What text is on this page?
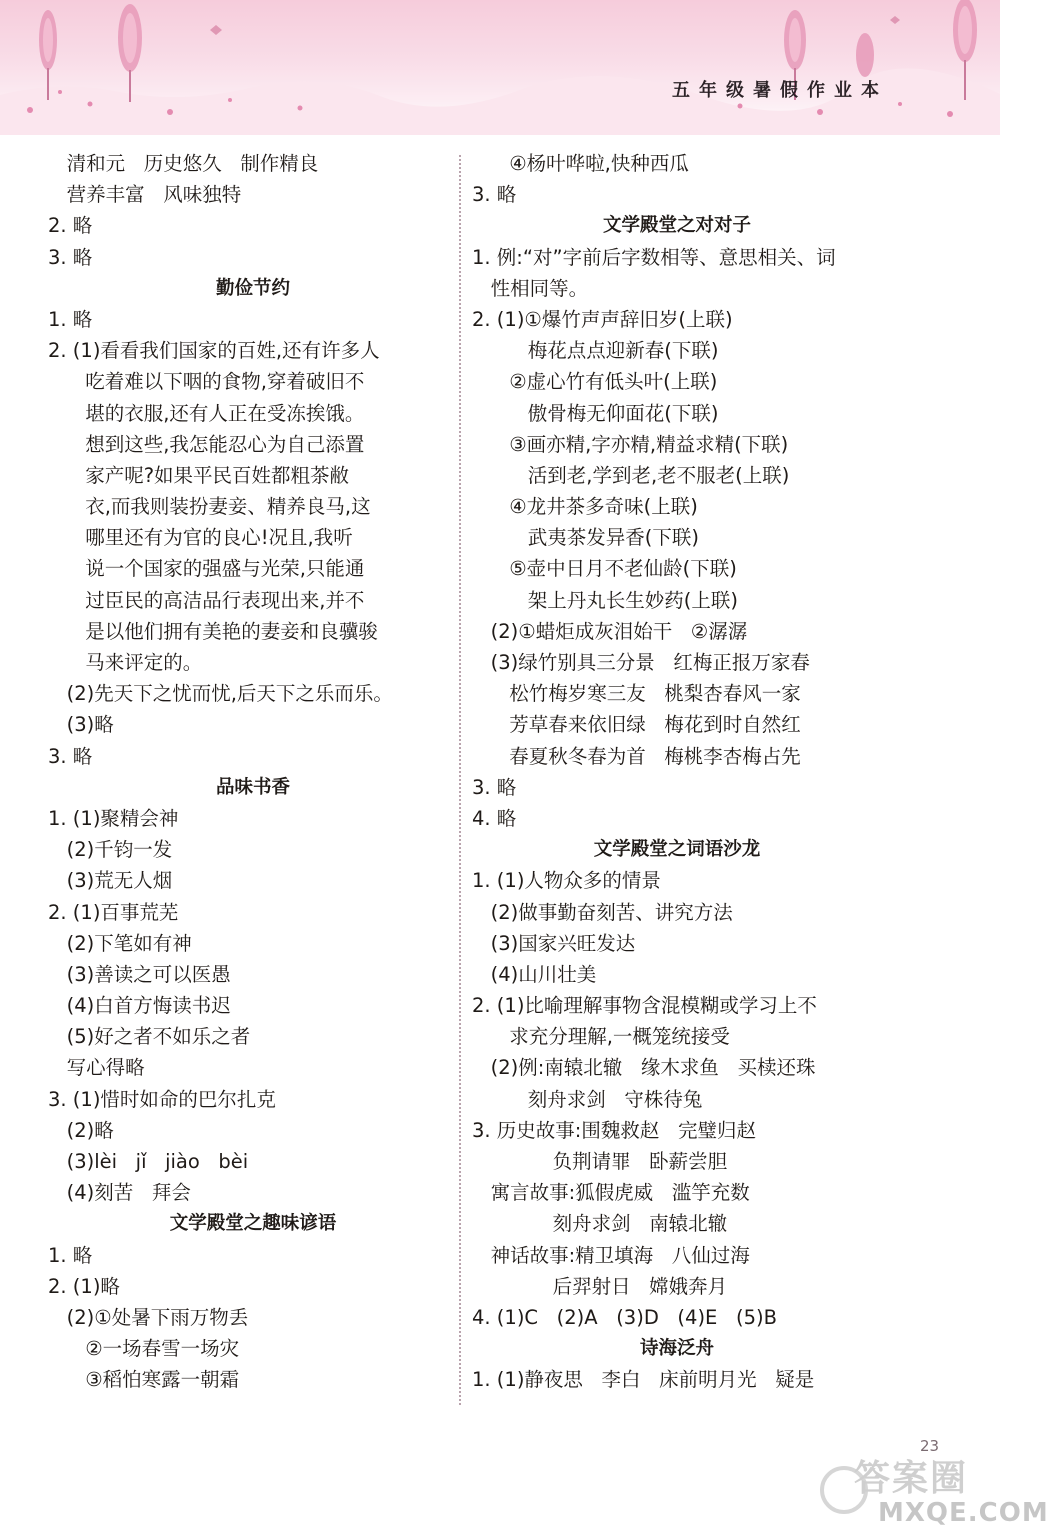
五年级暑假作业本
清和元   历史悠久   制作精良
营养丰富   风味独特
2. 略
3. 略
勤俭节约
1. 略
2. (1)看看我们国家的百姓,还有许多人
吃着难以下咽的食物,穿着破旧不
堪的衣服,还有人正在受冻挨饿。
想到这些,我怎能忍心为自己添置
家产呢?如果平民百姓都粗茶敝
衣,而我则装扮妻妾、精养良马,这
哪里还有为官的良心!况且,我听
说一个国家的强盛与光荣,只能通
过臣民的高洁品行表现出来,并不
是以他们拥有美艳的妻妾和良骥骏
马来评定的。
(2)先天下之忧而忧,后天下之乐而乐。
(3)略
3. 略
品味书香
1. (1)聚精会神
(2)千钧一发
(3)荒无人烟
2. (1)百事荒芜
(2)下笔如有神
(3)善读之可以医愚
(4)白首方悔读书迟
(5)好之者不如乐之者
写心得略
3. (1)惜时如命的巴尔扎克
(2)略
(3)lèi   jǐ   jiào   bèi
(4)刻苦   拜会
文学殿堂之趣味谚语
1. 略
2. (1)略
(2)①处暑下雨万物丢
②一场春雪一场灾
③稻怕寒露一朝霜
④杨叶哗啦,快种西瓜
3. 略
文学殿堂之对对子
1. 例:“对”字前后字数相等、意思相关、词
性相同等。
2. (1)①爆竹声声辞旧岁(上联)
梅花点点迎新春(下联)
②虚心竹有低头叶(上联)
傲骨梅无仰面花(下联)
③画亦精,字亦精,精益求精(下联)
活到老,学到老,老不服老(上联)
④龙井茶多奇味(上联)
武夷茶发异香(下联)
⑤壶中日月不老仙龄(下联)
架上丹丸长生妙药(上联)
(2)①蜡炬成灰泪始干   ②潺潺
(3)绿竹别具三分景   红梅正报万家春
松竹梅岁寒三友   桃梨杏春风一家
芳草春来依旧绿   梅花到时自然红
春夏秋冬春为首   梅桃李杏梅占先
3. 略
4. 略
文学殿堂之词语沙龙
1. (1)人物众多的情景
(2)做事勤奋刻苦、讲究方法
(3)国家兴旺发达
(4)山川壮美
2. (1)比喻理解事物含混模糊或学习上不
求充分理解,一概笼统接受
(2)例:南辕北辙   缘木求鱼   买椟还珠
刻舟求剑   守株待兔
3. 历史故事:围魏救赵   完璧归赵
负荆请罪   卧薪尝胆
寓言故事:狐假虎威   滥竽充数
刻舟求剑   南辕北辙
神话故事:精卫填海   八仙过海
后羿射日   嫦娥奔月
4. (1)C   (2)A   (3)D   (4)E   (5)B
诗海泛舟
1. (1)静夜思   李白   床前明月光   疑是
23
答案圈
MXQE.COM
